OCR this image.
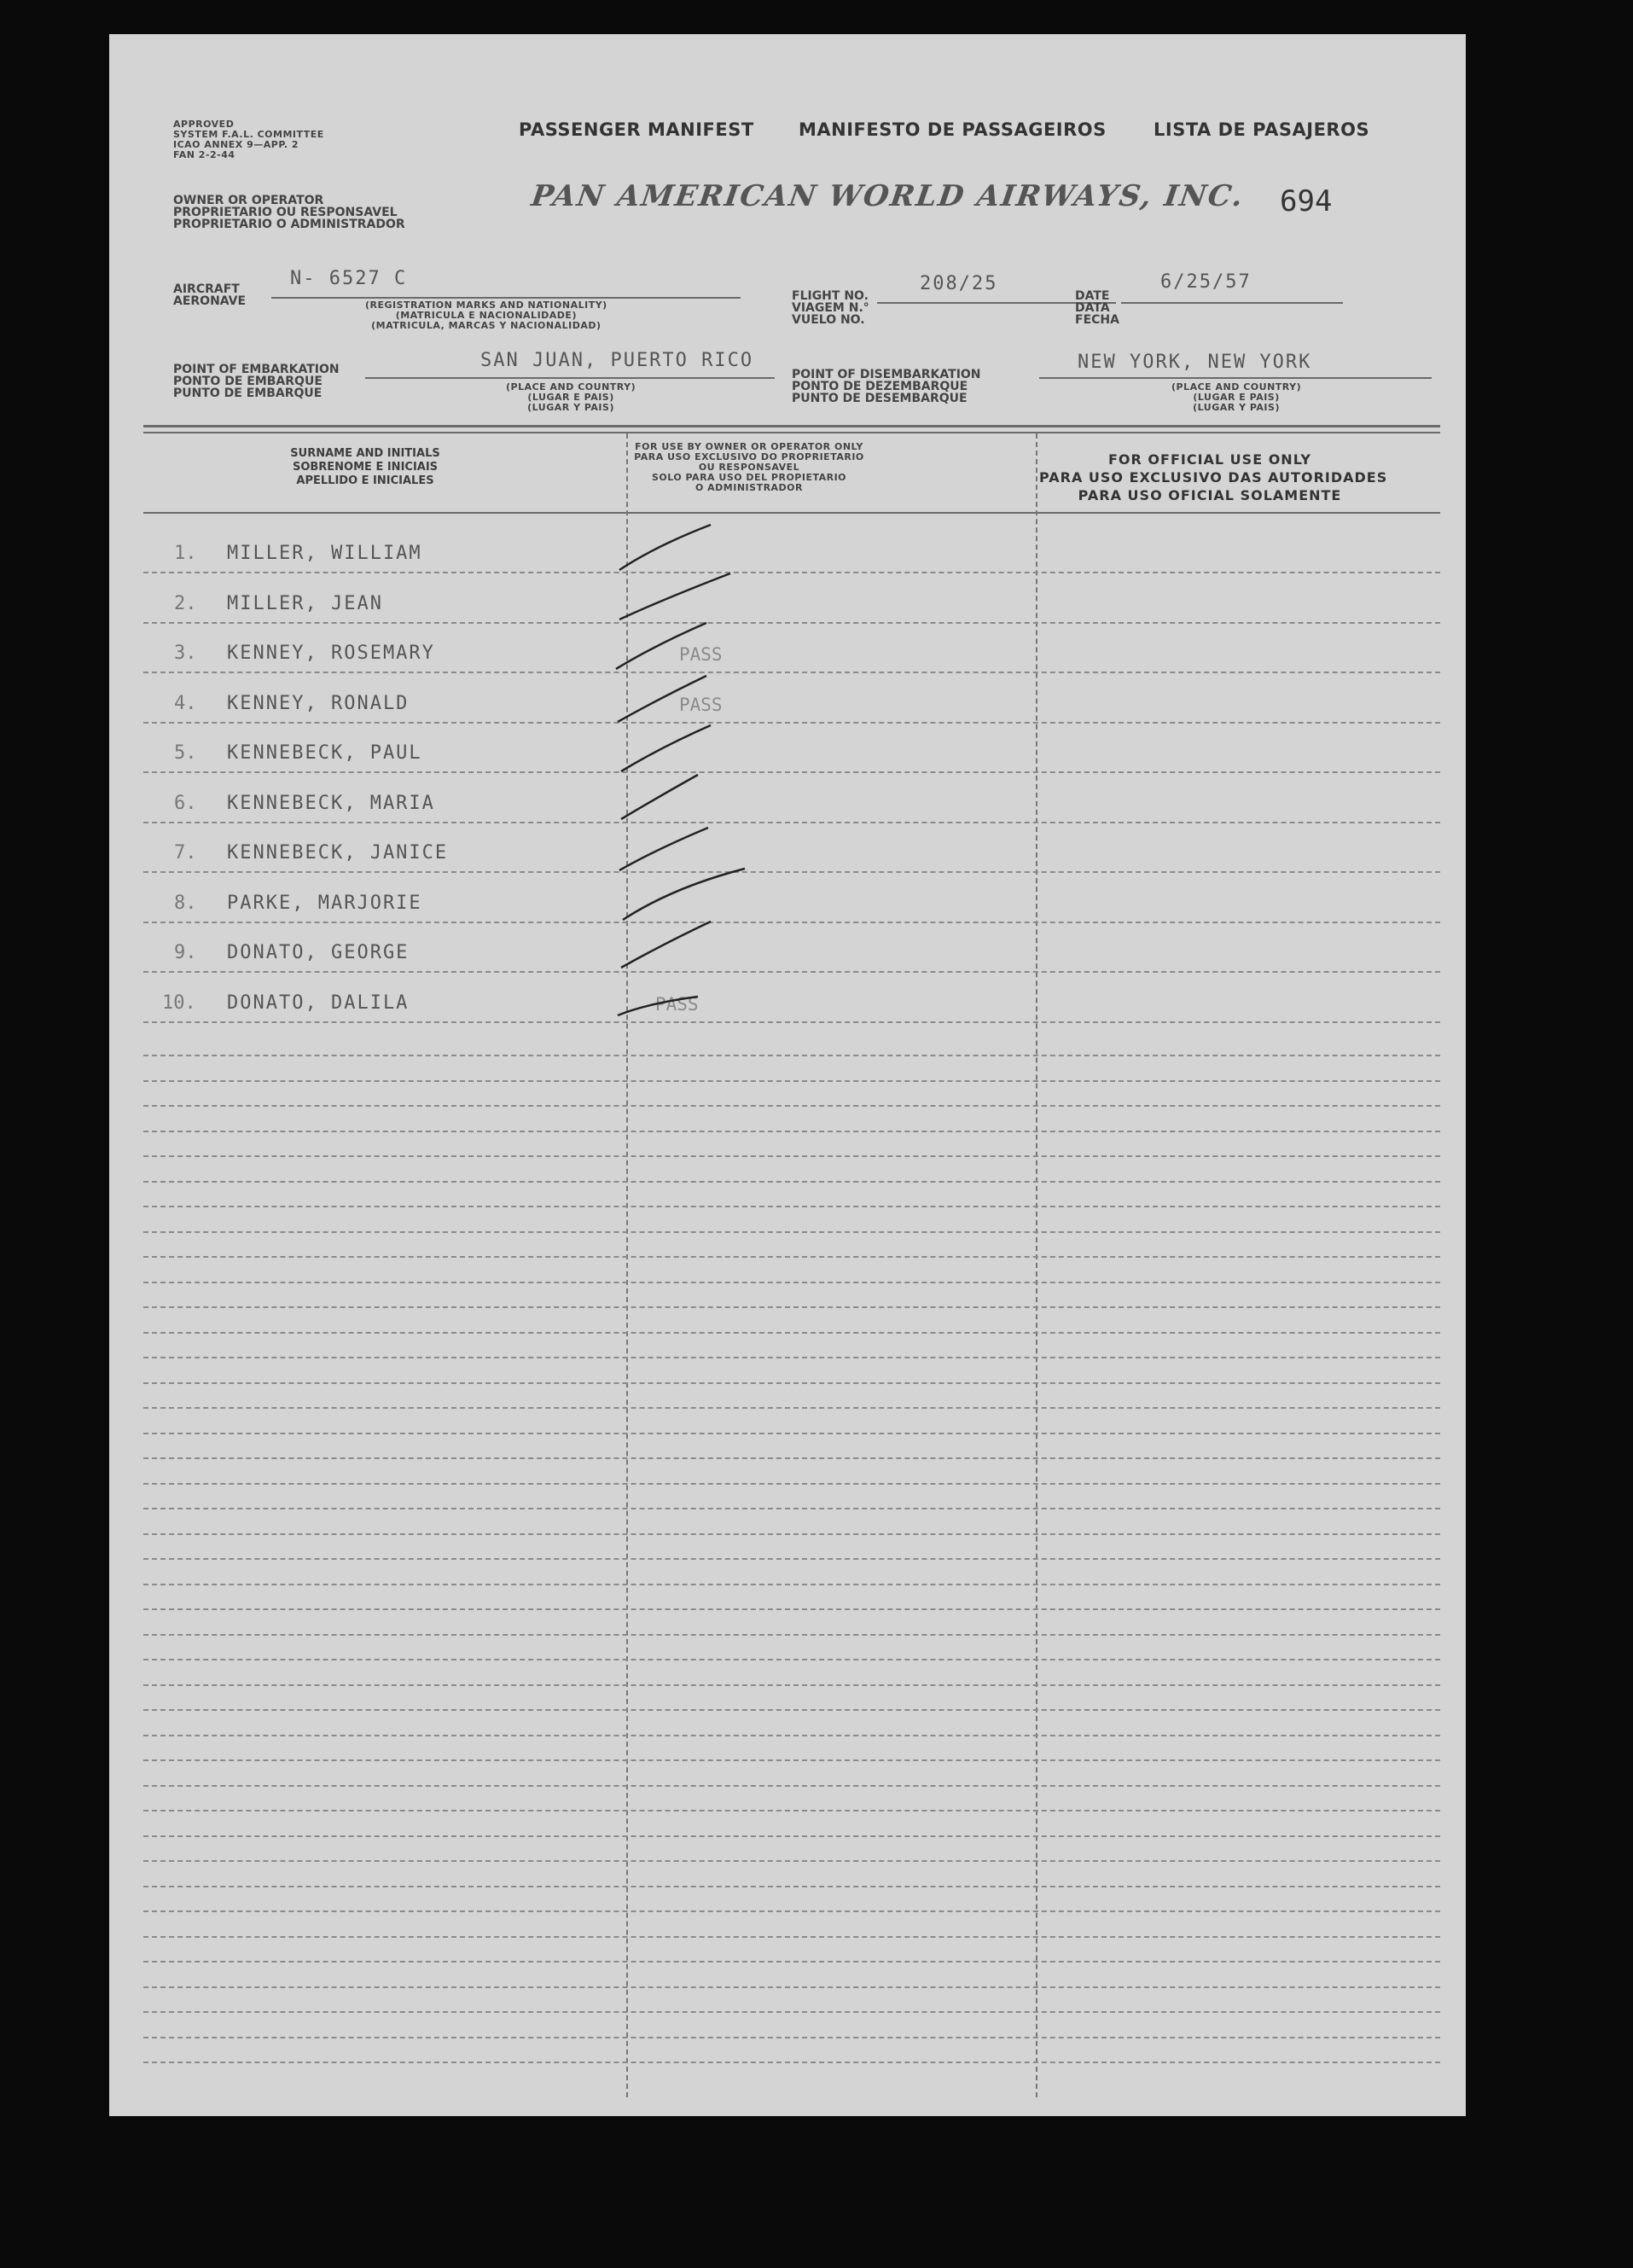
APPROVED
SYSTEM F.A.L. COMMITTEE
ICAO ANNEX 9—APP. 2
FAN 2-2-44
PASSENGER MANIFEST MANIFESTO DE PASSAGEIROS	LISTA DE PASAJEROS
OWNER OR OPERATOR
PROPRIETARIO OU RESPONSAVEL
PROPRIETARIO O ADMINISTRADOR
PAN AMERICAN WORLD AIRWAYS, INC. 694
AIRCRAFT
AERONAVE
N- 6527 C
(REGISTRATION MARKS AND NATIONALITY)
(MATRICULA E NACIONALIDADE)
(MATRICULA, MARCAS Y NACIONALIDAD)
FLIGHT NO.
VIAGEM N.°
VUELO NO.
208/25
DATE
DATA
FECHA
6/25/57
POINT OF EMBARKATION
PONTO DE EMBARQUE
PUNTO DE EMBARQUE
SAN JUAN, PUERTO RICO
(PLACE AND COUNTRY)
(LUGAR E PAIS)
(LUGAR Y PAIS)
POINT OF DISEMBARKATION
PONTO DE DEZEMBARQUE
PUNTO DE DESEMBARQUE
NEW YORK, NEW YORK
(PLACE AND COUNTRY)
(LUGAR E PAIS)
(LUGAR Y PAIS)
SURNAME AND INITIALS
SOBRENOME E INICIAIS
APELLIDO E INICIALES
FOR USE BY OWNER OR OPERATOR ONLY
PARA USO EXCLUSIVO DO PROPRIETARIO
OU RESPONSAVEL
SOLO PARA USO DEL PROPIETARIO
O ADMINISTRADOR
FOR OFFICIAL USE ONLY
PARA USO EXCLUSIVO DAS AUTORIDADES
PARA USO OFICIAL SOLAMENTE
1. MILLER, WILLIAM
2. MILLER, JEAN
3. KENNEY, ROSEMARY	PASS
4. KENNEY, RONALD	PASS
5. KENNEBECK, PAUL
6. KENNEBECK, MARIA
7. KENNEBECK, JANICE
8. PARKE, MARJORIE
9. DONATO, GEORGE
10. DONATO, DALILA	PASS
